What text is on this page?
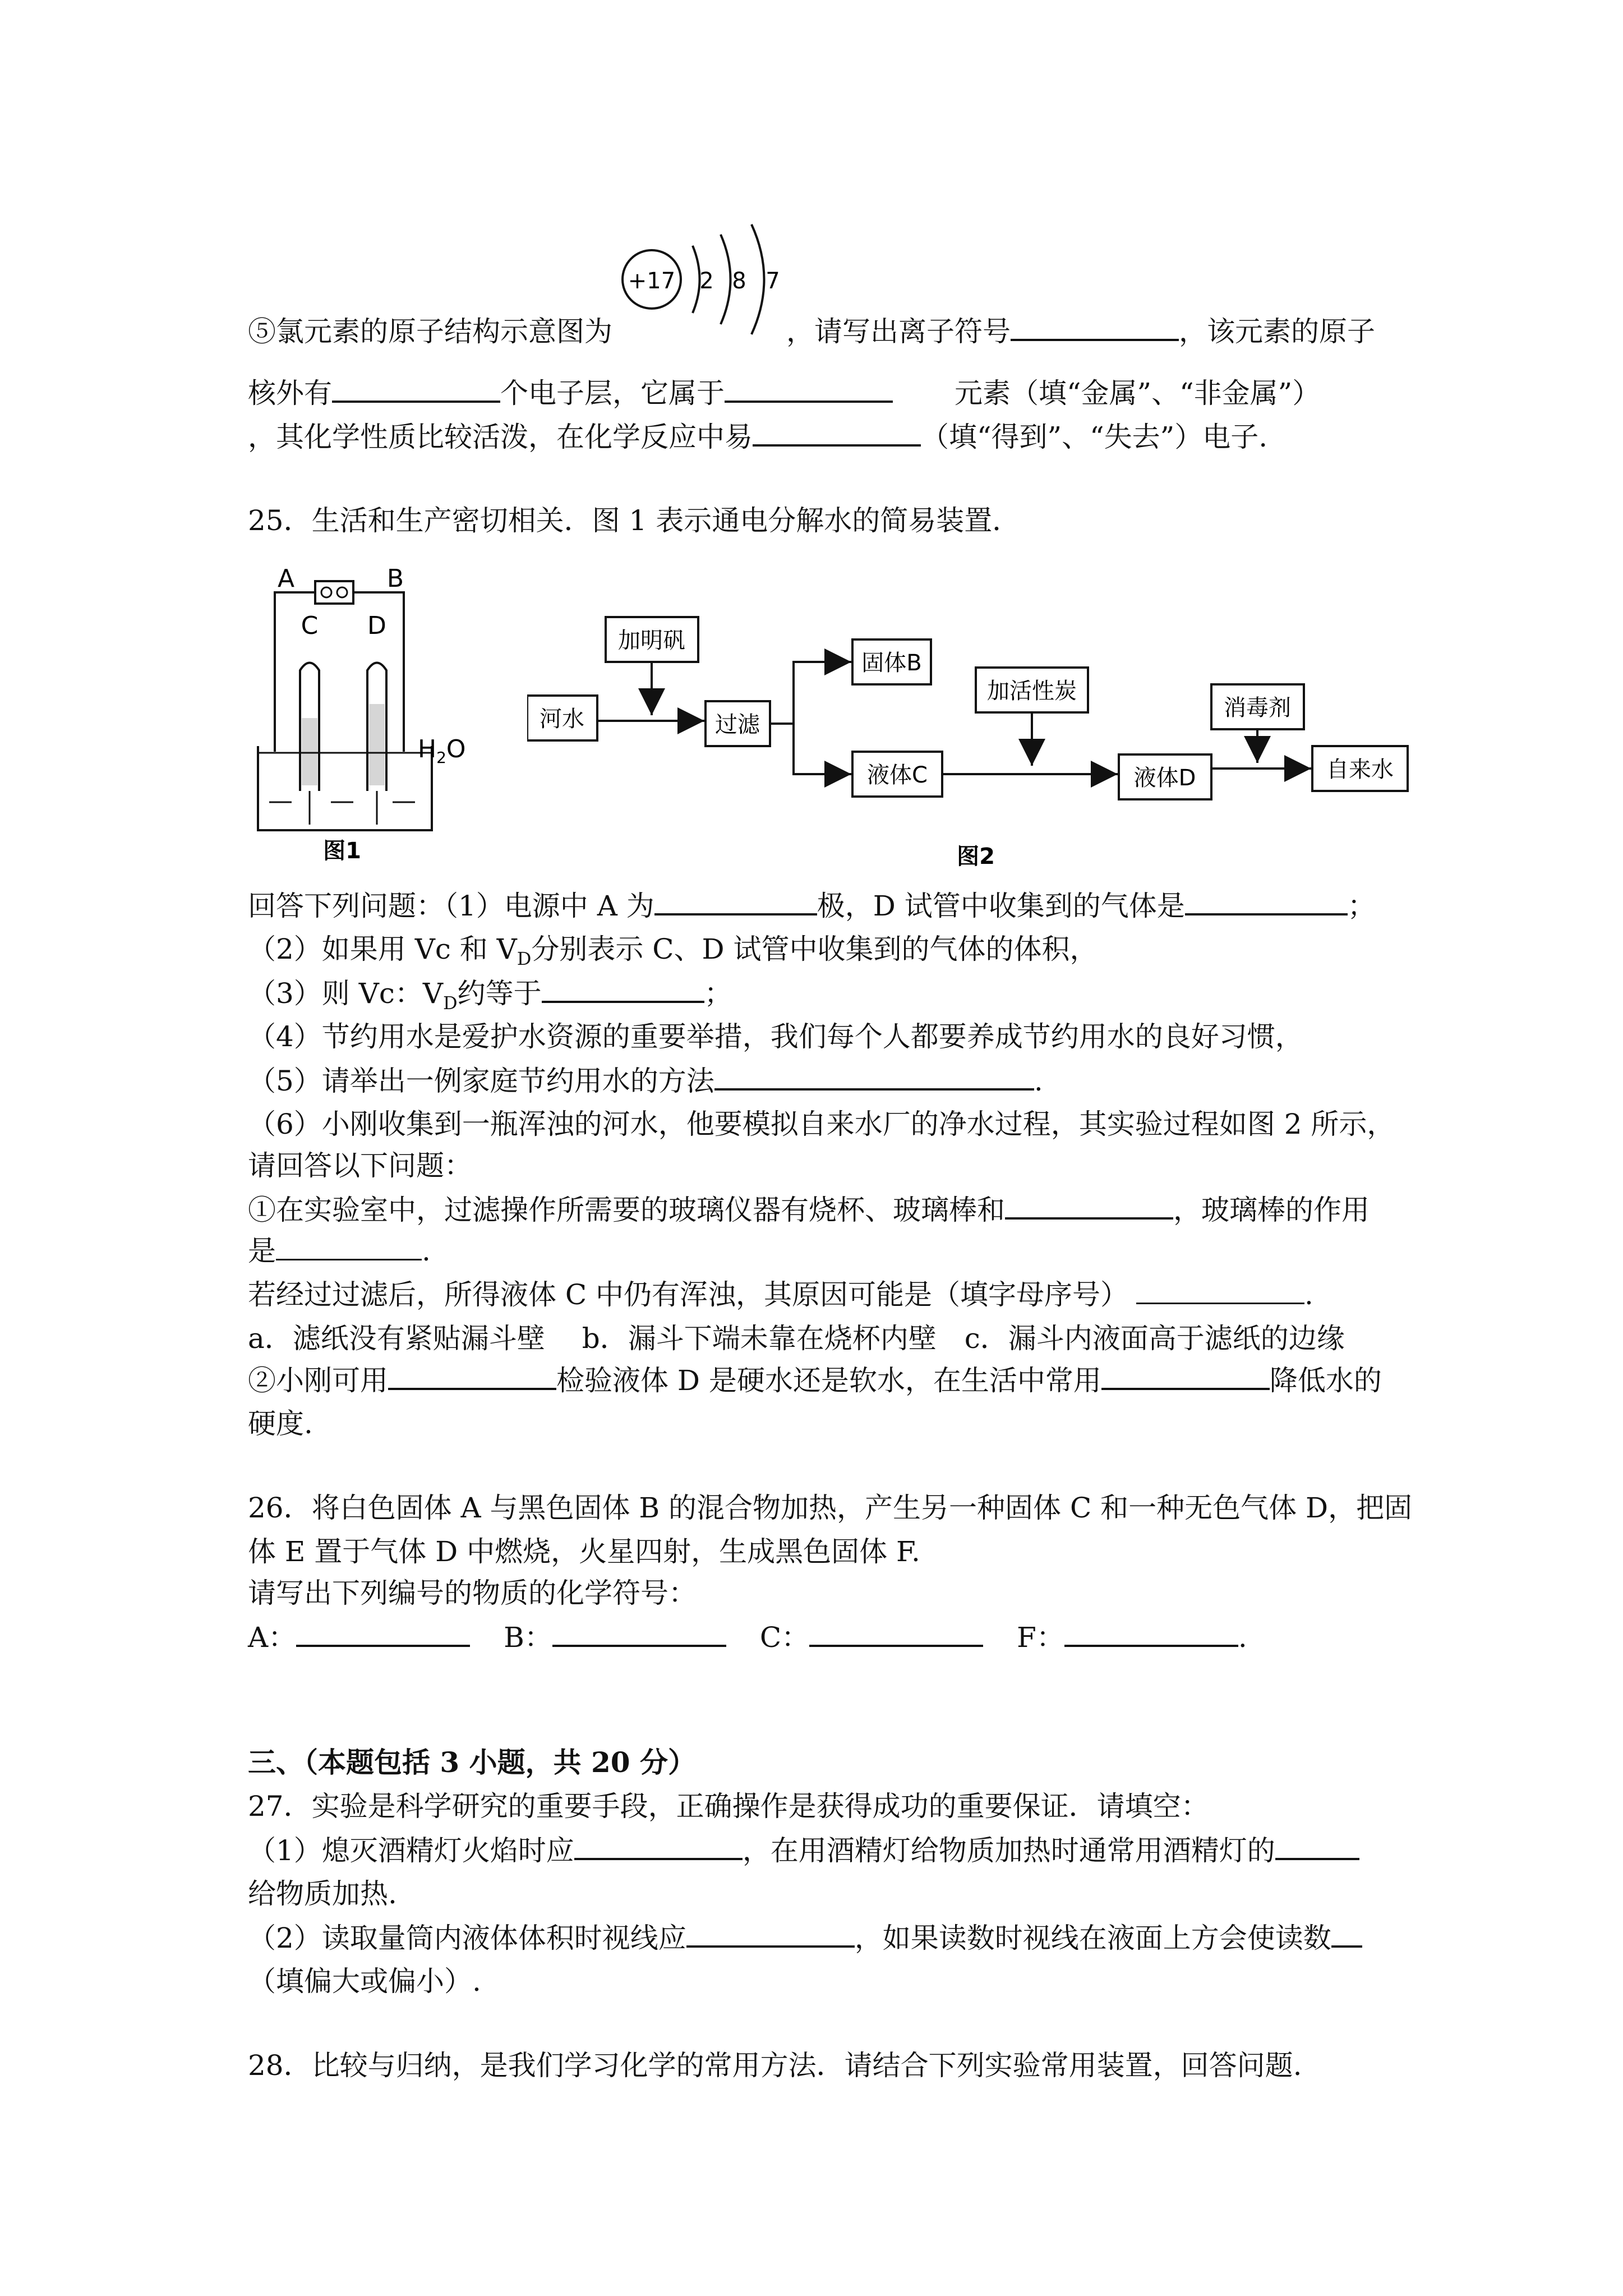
+17 2 8 7
⑤氯元素的原子结构示意图为	，请写出离子符号	，该元素的原子
核外有	个电子层，它属于	元素（填“金属”、“非金属”）
，其化学性质比较活泼，在化学反应中易	（填“得到”、“失去”）电子.
25．生活和生产密切相关．图 1 表示通电分解水的简易装置．
A	B
C D
$H_2O$
图1
河水
加明矾
过滤
固体B
液体C
加活性炭
液体D
消毒剂
自来水
图2
回答下列问题：（1）电源中 A 为	极，D 试管中收集到的气体是	；
（2）如果用 Vc 和 $V_D$分别表示 C、D 试管中收集到的气体的体积，
（3）则 Vc：$V_D$约等于	；
（4）节约用水是爱护水资源的重要举措，我们每个人都要养成节约用水的良好习惯，
（5）请举出一例家庭节约用水的方法	.
（6）小刚收集到一瓶浑浊的河水，他要模拟自来水厂的净水过程，其实验过程如图 2 所示，
请回答以下问题：
①在实验室中，过滤操作所需要的玻璃仪器有烧杯、玻璃棒和	，玻璃棒的作用
是	.
若经过过滤后，所得液体 C 中仍有浑浊，其原因可能是（填字母序号）	.
a．滤纸没有紧贴漏斗壁　 b．漏斗下端未靠在烧杯内壁　c．漏斗内液面高于滤纸的边缘
②小刚可用	检验液体 D 是硬水还是软水，在生活中常用	降低水的
硬度.
26．将白色固体 A 与黑色固体 B 的混合物加热，产生另一种固体 C 和一种无色气体 D，把固
体 E 置于气体 D 中燃烧，火星四射，生成黑色固体 F.
请写出下列编号的物质的化学符号：
A：	B：	C：	F：	.
三、（本题包括 3 小题，共 20 分）
27．实验是科学研究的重要手段，正确操作是获得成功的重要保证．请填空：
（1）熄灭酒精灯火焰时应	，在用酒精灯给物质加热时通常用酒精灯的
给物质加热.
（2）读取量筒内液体体积时视线应	，如果读数时视线在液面上方会使读数
（填偏大或偏小）.
28．比较与归纳，是我们学习化学的常用方法．请结合下列实验常用装置，回答问题.
